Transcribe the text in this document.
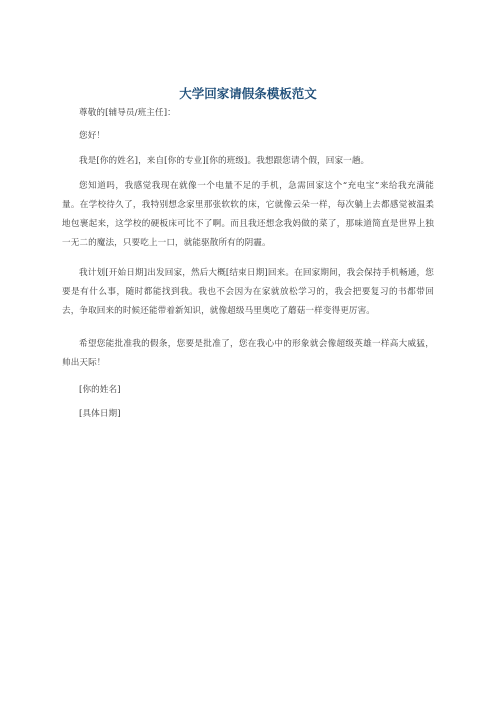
大学回家请假条模板范文
尊敬的[辅导员/班主任]：
您好！
我是[你的姓名]，来自[你的专业][你的班级]。我想跟您请个假，回家一趟。
您知道吗，我感觉我现在就像一个电量不足的手机，急需回家这个“充电宝”来给我充满能量。在学校待久了，我特别想念家里那张软软的床，它就像云朵一样，每次躺上去都感觉被温柔地包裹起来，这学校的硬板床可比不了啊。而且我还想念我妈做的菜了，那味道简直是世界上独一无二的魔法，只要吃上一口，就能驱散所有的阴霾。
我计划[开始日期]出发回家，然后大概[结束日期]回来。在回家期间，我会保持手机畅通，您要是有什么事，随时都能找到我。我也不会因为在家就放松学习的，我会把要复习的书都带回去，争取回来的时候还能带着新知识，就像超级马里奥吃了蘑菇一样变得更厉害。
希望您能批准我的假条，您要是批准了，您在我心中的形象就会像超级英雄一样高大威猛，帅出天际！
[你的姓名]
[具体日期]
